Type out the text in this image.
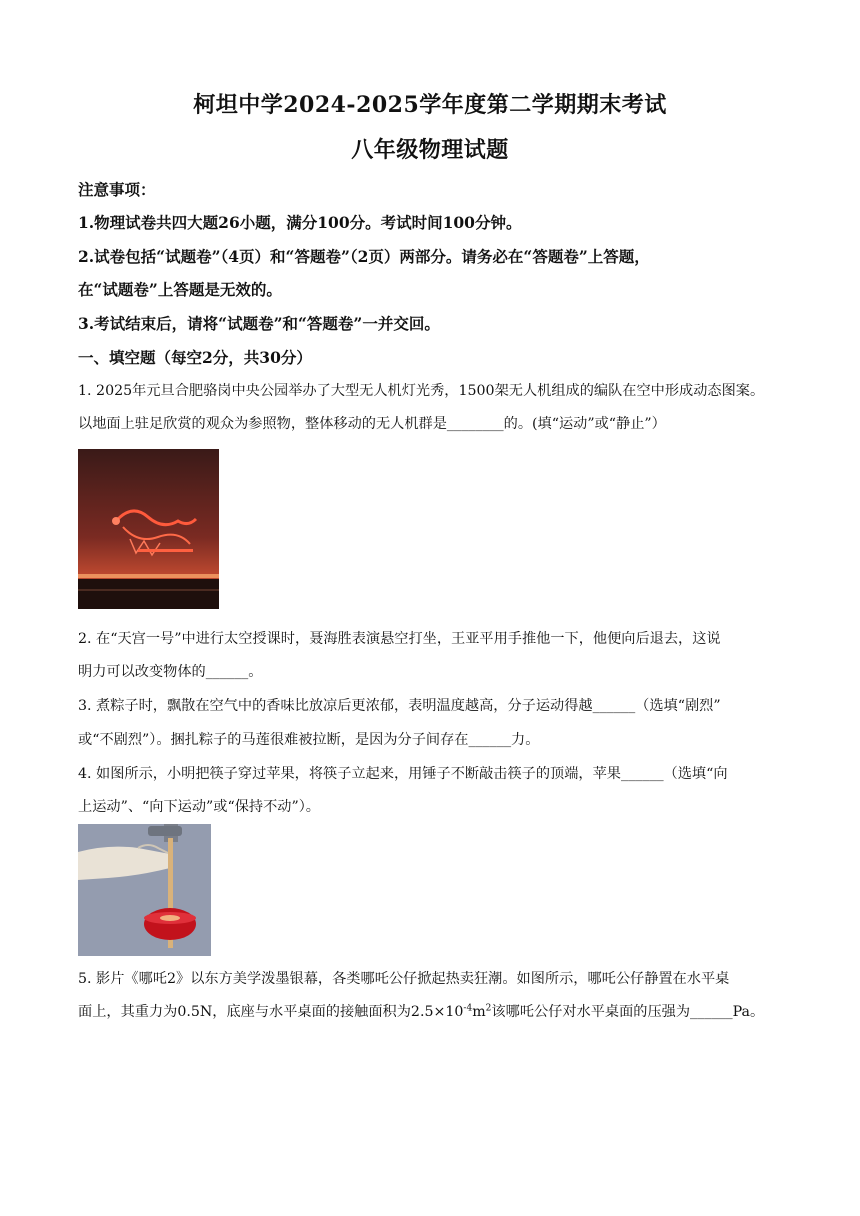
柯坦中学2024-2025学年度第二学期期末考试
八年级物理试题
注意事项：
1.物理试卷共四大题26小题，满分100分。考试时间100分钟。
2.试卷包括“试题卷”（4页）和“答题卷”（2页）两部分。请务必在“答题卷”上答题，
在“试题卷”上答题是无效的。
3.考试结束后，请将“试题卷”和“答题卷”一并交回。
一、填空题（每空2分，共30分）
1. 2025年元旦合肥骆岗中央公园举办了大型无人机灯光秀，1500架无人机组成的编队在空中形成动态图案。
以地面上驻足欣赏的观众为参照物，整体移动的无人机群是________的。(填“运动”或“静止”）
2. 在“天宫一号”中进行太空授课时，聂海胜表演悬空打坐，王亚平用手推他一下，他便向后退去，这说
明力可以改变物体的______。
3. 煮粽子时，飘散在空气中的香味比放凉后更浓郁，表明温度越高，分子运动得越______（选填“剧烈”
或“不剧烈”）。捆扎粽子的马莲很难被拉断，是因为分子间存在______力。
4. 如图所示，小明把筷子穿过苹果，将筷子立起来，用锤子不断敲击筷子的顶端，苹果______（选填“向
上运动”、“向下运动”或“保持不动”）。
5. 影片《哪吒2》以东方美学泼墨银幕，各类哪吒公仔掀起热卖狂潮。如图所示，哪吒公仔静置在水平桌
面上，其重力为0.5N，底座与水平桌面的接触面积为$2.5\times 10^{-4}m^2$该哪吒公仔对水平桌面的压强为______Pa。
